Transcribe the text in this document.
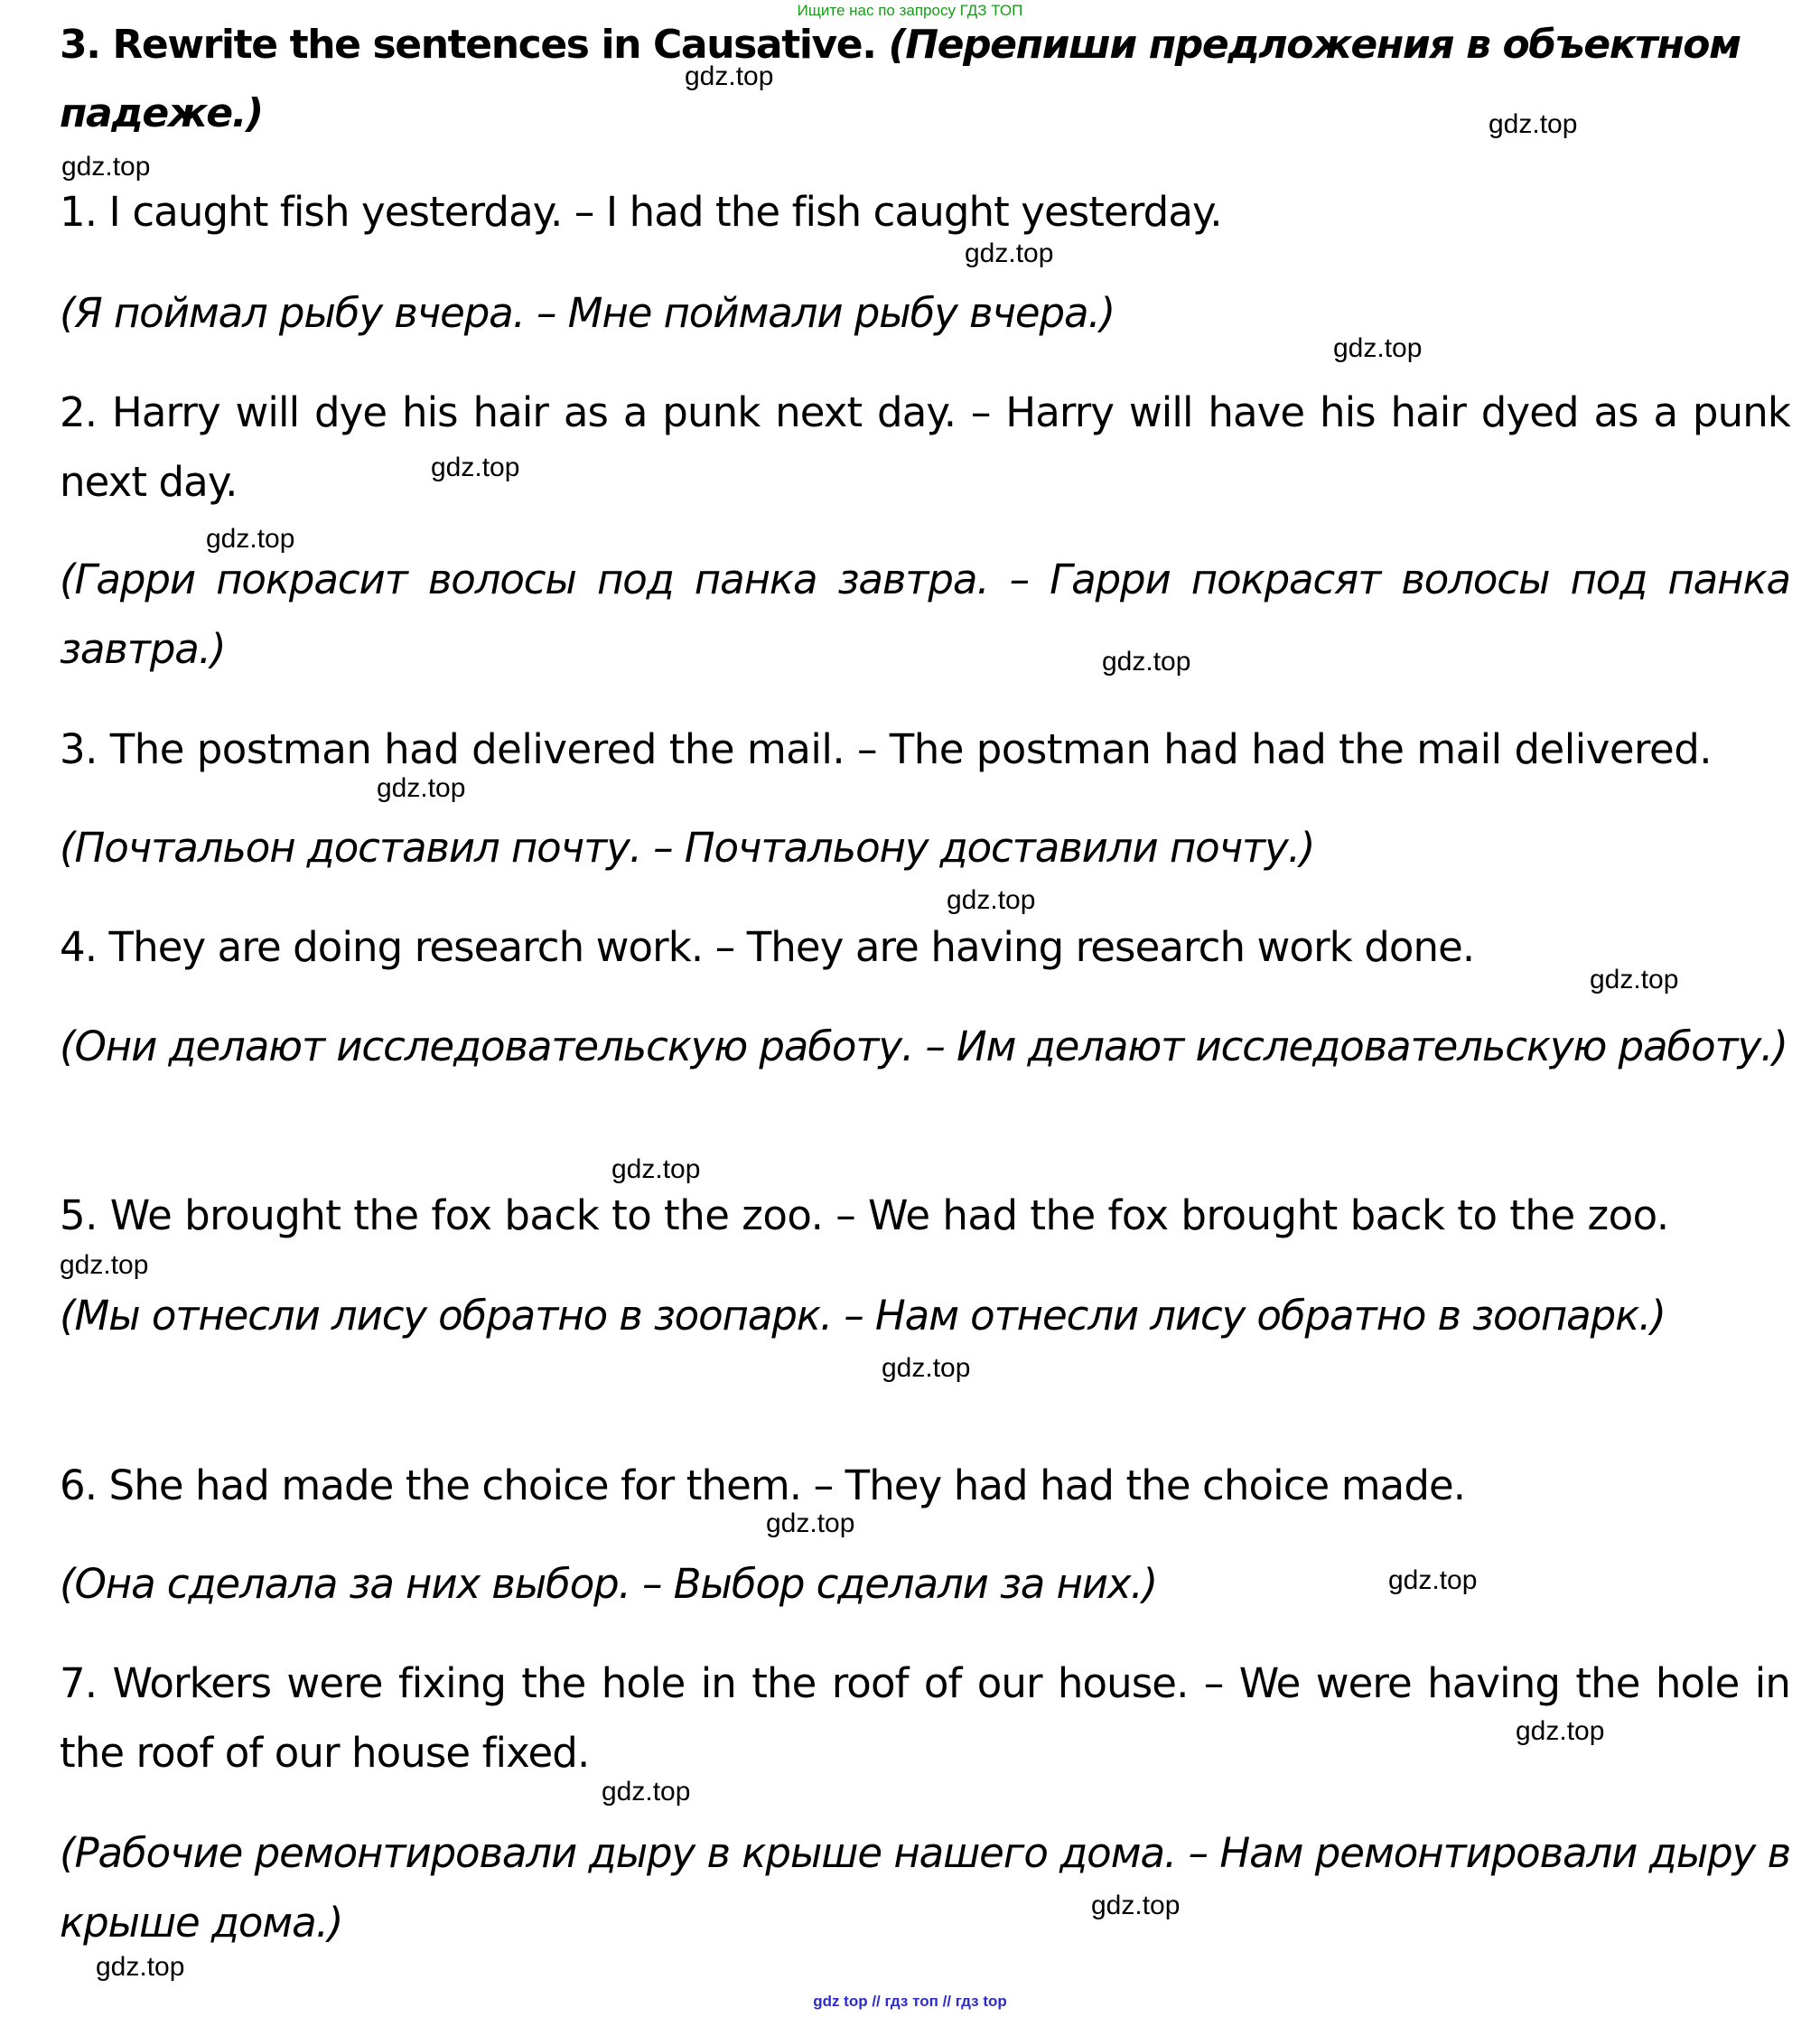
Ищите нас по запросу ГДЗ ТОП
3. Rewrite the sentences in Causative. (Перепиши предложения в объектном падеже.)
1. I caught fish yesterday. – I had the fish caught yesterday.
(Я поймал рыбу вчера. – Мне поймали рыбу вчера.)
2. Harry will dye his hair as a punk next day. – Harry will have his hair dyed as a punk next day.
(Гарри покрасит волосы под панка завтра. – Гарри покрасят волосы под панка завтра.)
3. The postman had delivered the mail. – The postman had had the mail delivered.
(Почтальон доставил почту. – Почтальону доставили почту.)
4. They are doing research work. – They are having research work done.
(Они делают исследовательскую работу. – Им делают исследовательскую работу.)
5. We brought the fox back to the zoo. – We had the fox brought back to the zoo.
(Мы отнесли лису обратно в зоопарк. – Нам отнесли лису обратно в зоопарк.)
6. She had made the choice for them. – They had had the choice made.
(Она сделала за них выбор. – Выбор сделали за них.)
7. Workers were fixing the hole in the roof of our house. – We were having the hole in the roof of our house fixed.
(Рабочие ремонтировали дыру в крыше нашего дома. – Нам ремонтировали дыру в крыше дома.)
gdz.top
gdz.top
gdz.top
gdz.top
gdz.top
gdz.top
gdz.top
gdz.top
gdz.top
gdz.top
gdz.top
gdz.top
gdz.top
gdz.top
gdz.top
gdz.top
gdz.top
gdz.top
gdz.top
gdz.top
gdz top // гдз топ // гдз top
